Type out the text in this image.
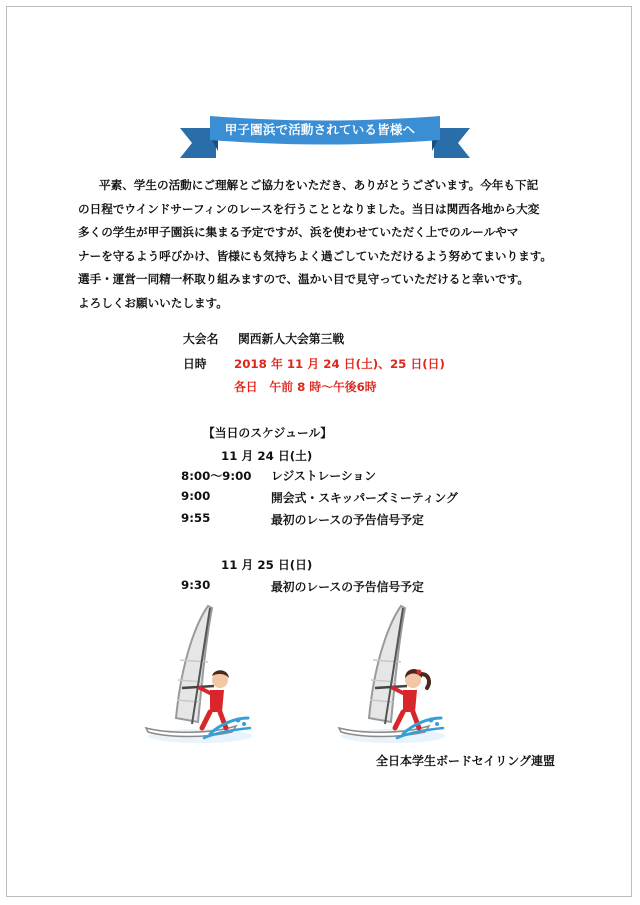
甲子園浜で活動されている皆様へ

平素、学生の活動にご理解とご協力をいただき、ありがとうございます。今年も下記

の日程でウインドサーフィンのレースを行うこととなりました。当日は関西各地から大変

多くの学生が甲子園浜に集まる予定ですが、浜を使わせていただく上でのルールやマ

ナーを守るよう呼びかけ、皆様にも気持ちよく過ごしていただけるよう努めてまいります。

選手・運営一同精一杯取り組みますので、温かい目で見守っていただけると幸いです。

よろしくお願いいたします。

大会名 関西新人大会第三戦
日時 2018 年 11 月 24 日(土)、25 日(日)
各日　午前 8 時～午後6時
【当日のスケジュール】
11 月 24 日(土)
8:00～9:00 レジストレーション
9:00	開会式・スキッパーズミーティング
9:55	最初のレースの予告信号予定
11 月 25 日(日)
9:30	最初のレースの予告信号予定
全日本学生ボードセイリング連盟
